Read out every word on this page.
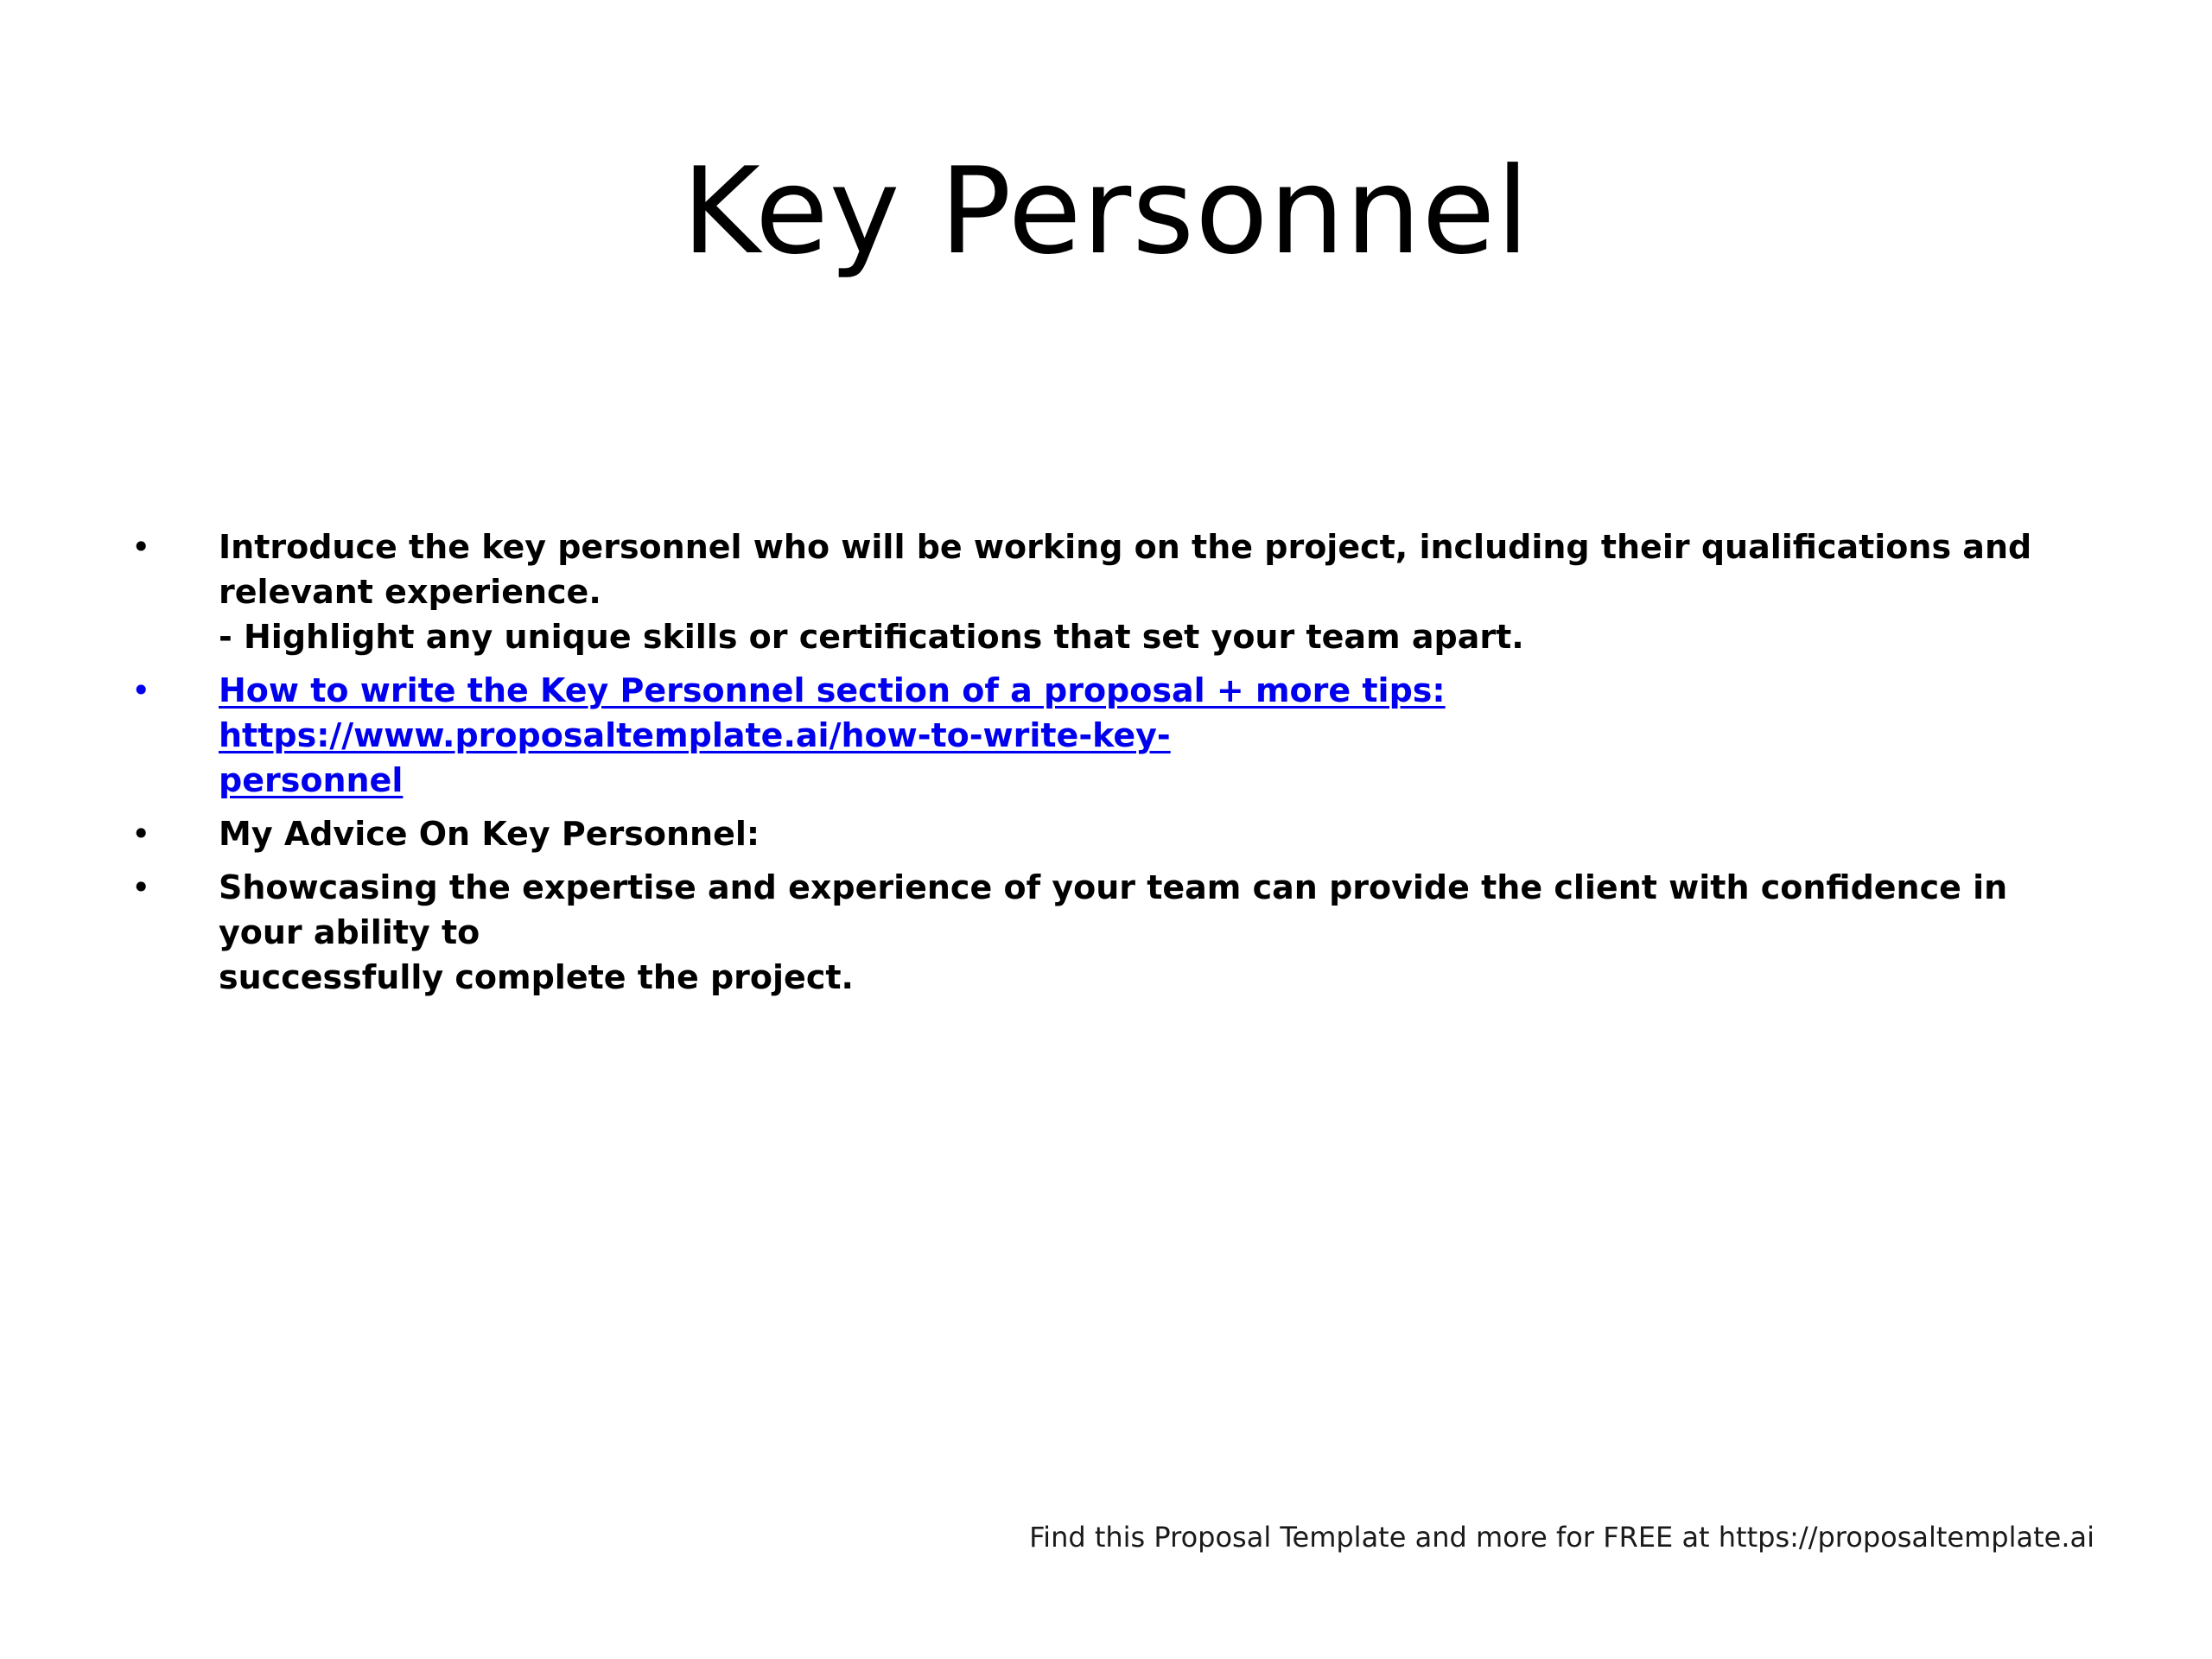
Key Personnel
•	Introduce the key personnel who will be working on the project, including their qualifications and relevant experience.
- Highlight any unique skills or certifications that set your team apart.
•	How to write the Key Personnel section of a proposal + more tips: https://www.proposaltemplate.ai/how-to-write-key-
personnel
•	My Advice On Key Personnel:
•	Showcasing the expertise and experience of your team can provide the client with confidence in your ability to
successfully complete the project.
Find this Proposal Template and more for FREE at https://proposaltemplate.ai
